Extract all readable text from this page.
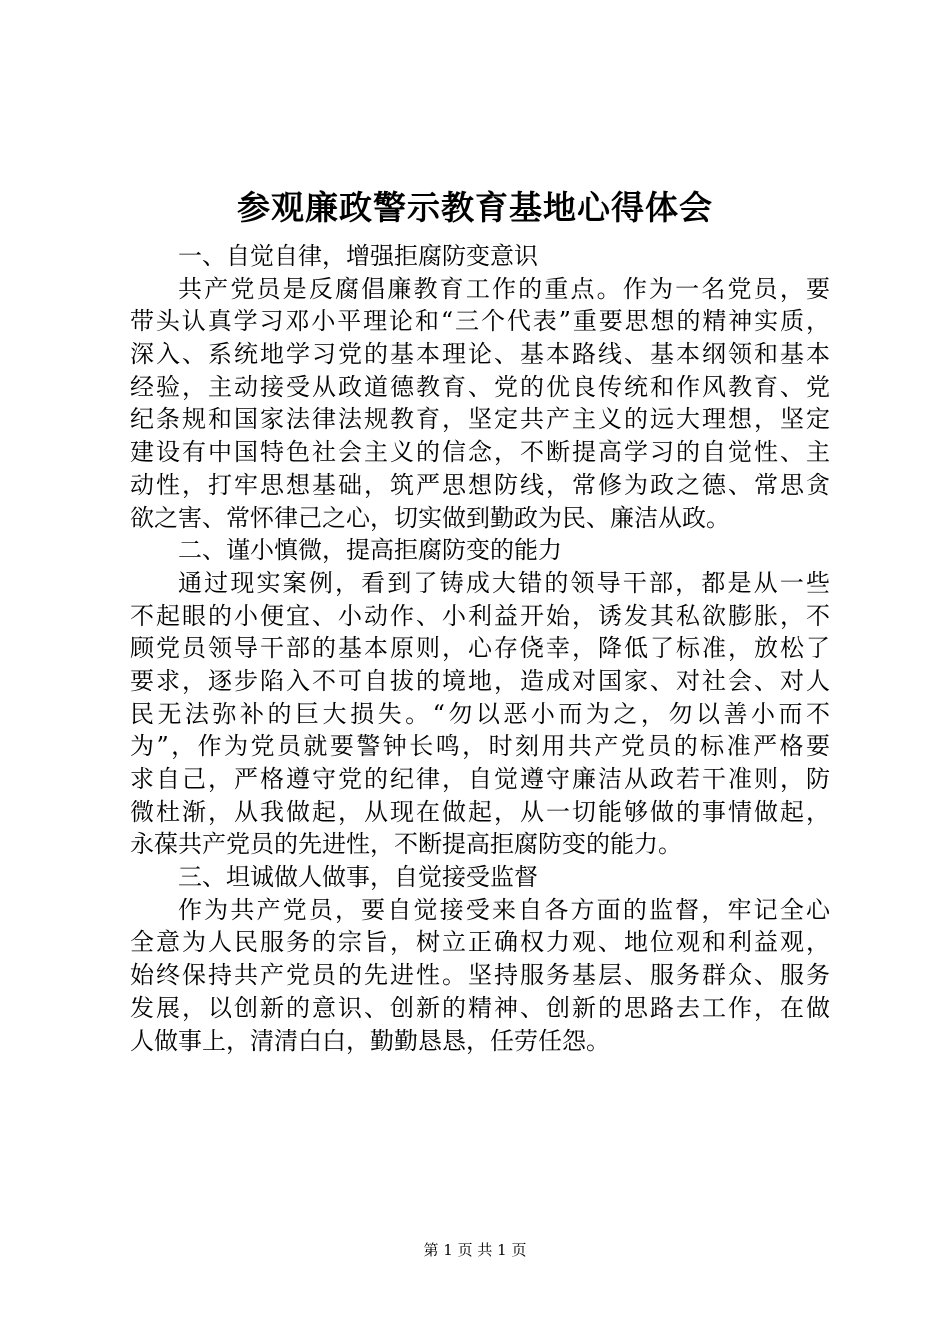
参观廉政警示教育基地心得体会
一、自觉自律，增强拒腐防变意识
共产党员是反腐倡廉教育工作的重点。作为一名党员，要
带头认真学习邓小平理论和“三个代表”重要思想的精神实质，
深入、系统地学习党的基本理论、基本路线、基本纲领和基本
经验，主动接受从政道德教育、党的优良传统和作风教育、党
纪条规和国家法律法规教育，坚定共产主义的远大理想，坚定
建设有中国特色社会主义的信念，不断提高学习的自觉性、主
动性，打牢思想基础，筑严思想防线，常修为政之德、常思贪
欲之害、常怀律己之心，切实做到勤政为民、廉洁从政。
二、谨小慎微，提高拒腐防变的能力
通过现实案例，看到了铸成大错的领导干部，都是从一些
不起眼的小便宜、小动作、小利益开始，诱发其私欲膨胀，不
顾党员领导干部的基本原则，心存侥幸，降低了标准，放松了
要求，逐步陷入不可自拔的境地，造成对国家、对社会、对人
民无法弥补的巨大损失。“勿以恶小而为之，勿以善小而不
为”，作为党员就要警钟长鸣，时刻用共产党员的标准严格要
求自己，严格遵守党的纪律，自觉遵守廉洁从政若干准则，防
微杜渐，从我做起，从现在做起，从一切能够做的事情做起，
永葆共产党员的先进性，不断提高拒腐防变的能力。
三、坦诚做人做事，自觉接受监督
作为共产党员，要自觉接受来自各方面的监督，牢记全心
全意为人民服务的宗旨，树立正确权力观、地位观和利益观，
始终保持共产党员的先进性。坚持服务基层、服务群众、服务
发展，以创新的意识、创新的精神、创新的思路去工作，在做
人做事上，清清白白，勤勤恳恳，任劳任怨。
第 1 页 共 1 页
